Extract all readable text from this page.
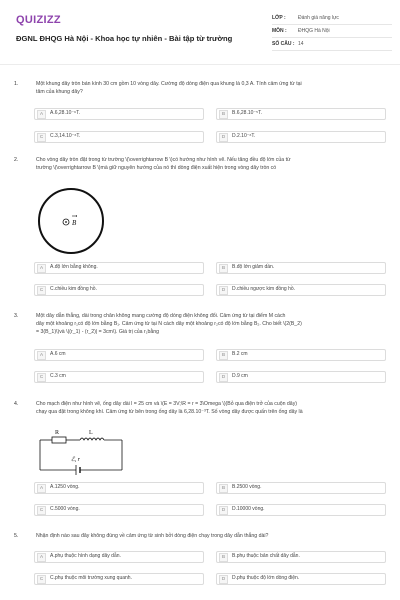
QUIZIZZ
ĐGNL ĐHQG Hà Nội - Khoa học tự nhiên - Bài tập từ trường
LỚP :	Đánh giá năng lực
MÔN :	ĐHQG Hà Nội
SỐ CÂU : 14
1.	Một khung dây tròn bán kính 30 cm gồm 10 vòng dây. Cường độ dòng điện qua khung là 0,3 A. Tính cảm ứng từ tại
tâm của khung dây?
A	A.6,28.10⁻⁶T.	B	B.6,28.10⁻⁵T.
C	C.3,14.10⁻⁶T.	D	D.2.10⁻⁶T.
2.	Cho vòng dây tròn đặt trong từ trường \(\overrightarrow B \)có hướng như hình vẽ. Nếu tăng đều độ lớn của từ
trường \(\overrightarrow B \)mà giữ nguyên hướng của nó thì dòng điện xuất hiện trong vòng dây tròn có
B
A	A.độ lớn bằng không.	B	B.độ lớn giảm dần.
C	C.chiều kim đồng hồ.	D	D.chiều ngược kim đồng hồ.
3.	Một dây dẫn thẳng, dài trong chân không mang cường độ dòng điện không đổi. Cảm ứng từ tại điểm M cách
dây một khoảng r₁có độ lớn bằng B₁. Cảm ứng từ tại N cách dây một khoảng r₂có độ lớn bằng B₂. Cho biết \(2(B_2)
= 3(B_1)\)và \((r_1) - (r_2)| = 3cm\). Giá trị của r₁bằng
A	A.6 cm	B	B.2 cm
C	C.3 cm	D	D.9 cm
4.	Cho mạch điện như hình vẽ, ống dây dài l = 25 cm và \(E = 3V;\R = r = 3\Omega \)(Bỏ qua điện trở của cuộn dây)
chạy qua đặt trong không khí. Cảm ứng từ bên trong ống dây là 6,28.10⁻³T. Số vòng dây được quấn trên ống dây là
R	L
ℰ, r
A	A.1250 vòng.	B	B.2500 vòng.
C	C.5000 vòng.	D	D.10000 vòng.
5.	Nhận định nào sau đây không đúng về cảm ứng từ sinh bởi dòng điện chạy trong dây dẫn thẳng dài?
A	A.phụ thuộc hình dạng dây dẫn.	B	B.phụ thuộc bản chất dây dẫn.
C	C.phụ thuộc môi trường xung quanh.	D	D.phụ thuộc độ lớn dòng điện.
